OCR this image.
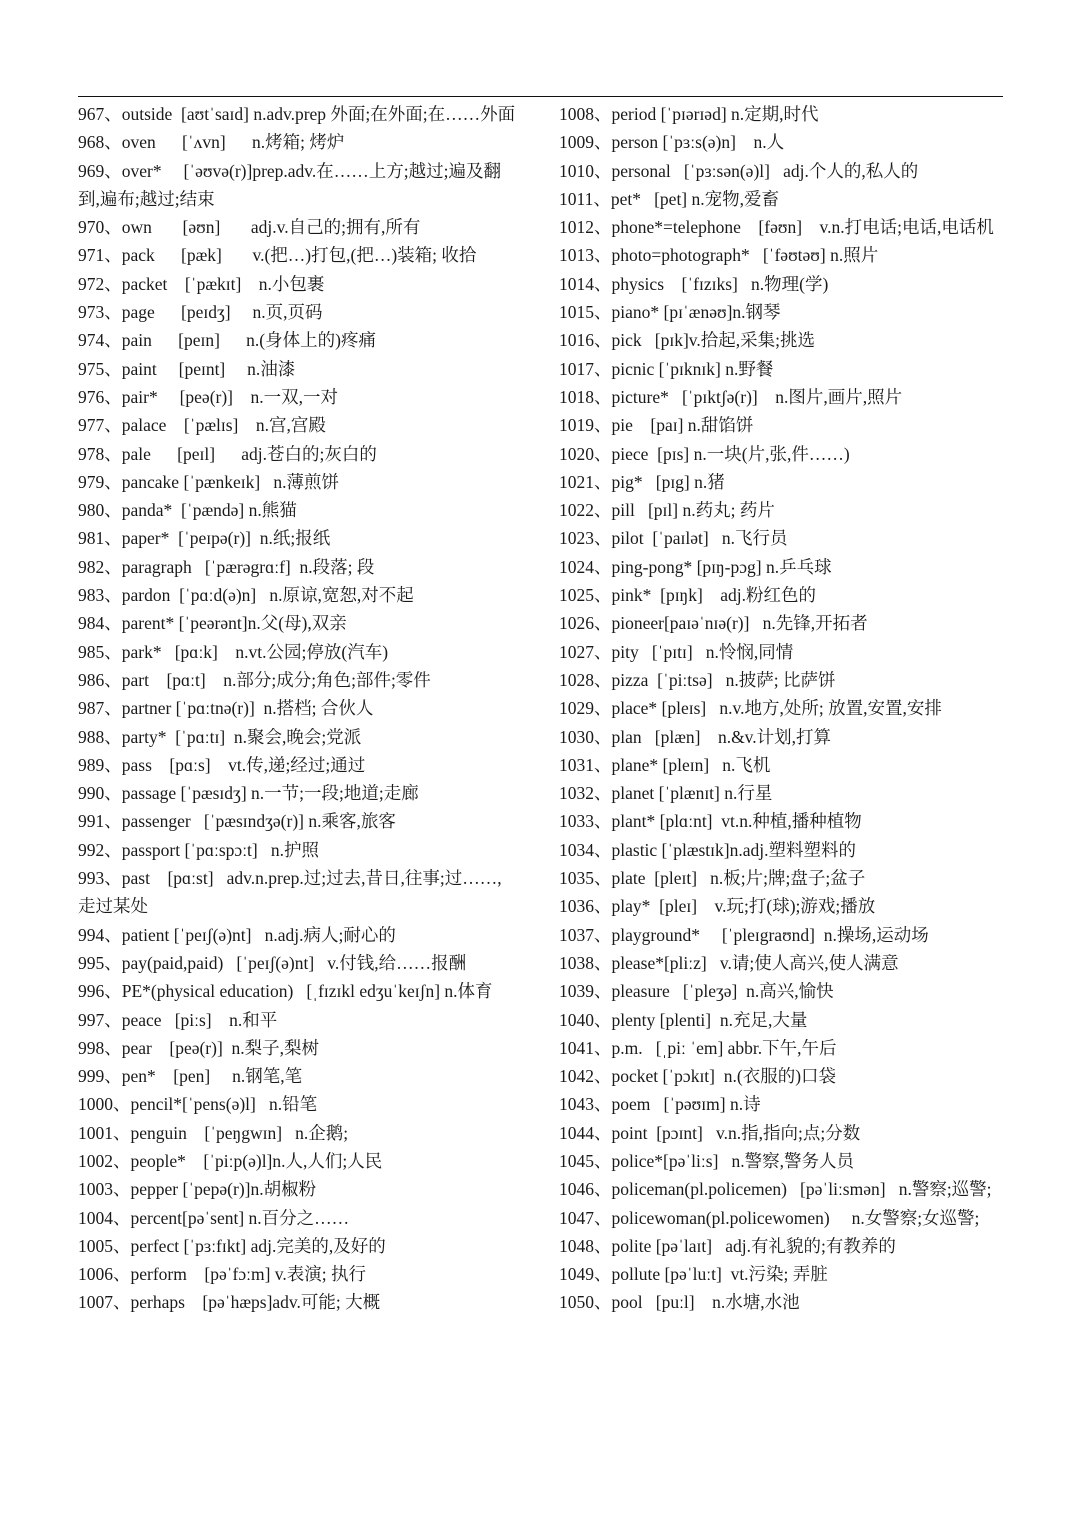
967、outside  [aʊtˈsaɪd] n.adv.prep 外面;在外面;在……外面
968、oven      [ˈʌvn]      n.烤箱; 烤炉
969、over*     [ˈəʊvə(r)]prep.adv.在……上方;越过;遍及翻到,遍布;越过;结束
970、own       [əʊn]       adj.v.自己的;拥有,所有
971、pack      [pæk]       v.(把…)打包,(把…)装箱; 收拾
972、packet    [ˈpækɪt]    n.小包裹
973、page      [peɪdʒ]     n.页,页码
974、pain      [peɪn]      n.(身体上的)疼痛
975、paint     [peɪnt]     n.油漆
976、pair*     [peə(r)]    n.一双,一对
977、palace    [ˈpælɪs]    n.宫,宫殿
978、pale      [peɪl]      adj.苍白的;灰白的
979、pancake [ˈpænkeɪk]   n.薄煎饼
980、panda*  [ˈpændə] n.熊猫
981、paper*  [ˈpeɪpə(r)]  n.纸;报纸
982、paragraph   [ˈpærəgrɑːf]  n.段落; 段
983、pardon  [ˈpɑːd(ə)n]   n.原谅,宽恕,对不起
984、parent* [ˈpeərənt]n.父(母),双亲
985、park*   [pɑːk]    n.vt.公园;停放(汽车)
986、part    [pɑːt]    n.部分;成分;角色;部件;零件
987、partner [ˈpɑːtnə(r)]  n.搭档; 合伙人
988、party*  [ˈpɑːtɪ]  n.聚会,晚会;党派
989、pass    [pɑːs]    vt.传,递;经过;通过
990、passage [ˈpæsɪdʒ] n.一节;一段;地道;走廊
991、passenger   [ˈpæsɪndʒə(r)] n.乘客,旅客
992、passport [ˈpɑːspɔːt]   n.护照
993、past    [pɑːst]   adv.n.prep.过;过去,昔日,往事;过……,走过某处
994、patient [ˈpeɪʃ(ə)nt]   n.adj.病人;耐心的
995、pay(paid,paid)   [ˈpeɪʃ(ə)nt]   v.付钱,给……报酬
996、PE*(physical education)   [ˌfɪzɪkl edʒuˈkeɪʃn] n.体育
997、peace   [piːs]    n.和平
998、pear    [peə(r)]  n.梨子,梨树
999、pen*    [pen]     n.钢笔,笔
1000、pencil*[ˈpens(ə)l]   n.铅笔
1001、penguin    [ˈpeŋgwɪn]   n.企鹅;
1002、people*    [ˈpiːp(ə)l]n.人,人们;人民
1003、pepper [ˈpepə(r)]n.胡椒粉
1004、percent[pəˈsent] n.百分之……
1005、perfect [ˈpɜːfɪkt] adj.完美的,及好的
1006、perform    [pəˈfɔːm] v.表演; 执行
1007、perhaps    [pəˈhæps]adv.可能; 大概
1008、period [ˈpɪərɪəd] n.定期,时代
1009、person [ˈpɜːs(ə)n]    n.人
1010、personal   [ˈpɜːsən(ə)l]   adj.个人的,私人的
1011、pet*   [pet] n.宠物,爱畜
1012、phone*=telephone    [fəʊn]    v.n.打电话;电话,电话机
1013、photo=photograph*   [ˈfəʊtəʊ] n.照片
1014、physics    [ˈfɪzɪks]   n.物理(学)
1015、piano* [pɪˈænəʊ]n.钢琴
1016、pick   [pɪk]v.拾起,采集;挑选
1017、picnic [ˈpɪknɪk] n.野餐
1018、picture*   [ˈpɪktʃə(r)]    n.图片,画片,照片
1019、pie    [paɪ] n.甜馅饼
1020、piece  [pɪs] n.一块(片,张,件……)
1021、pig*   [pɪg] n.猪
1022、pill   [pɪl] n.药丸; 药片
1023、pilot  [ˈpaɪlət]   n.飞行员
1024、ping-pong* [pɪŋ-pɔg] n.乒乓球
1025、pink*  [pɪŋk]    adj.粉红色的
1026、pioneer[paɪəˈnɪə(r)]   n.先锋,开拓者
1027、pity   [ˈpɪtɪ]   n.怜悯,同情
1028、pizza  [ˈpiːtsə]   n.披萨; 比萨饼
1029、place* [pleɪs]   n.v.地方,处所; 放置,安置,安排
1030、plan   [plæn]    n.&v.计划,打算
1031、plane* [pleɪn]   n.飞机
1032、planet [ˈplænɪt] n.行星
1033、plant* [plɑːnt]  vt.n.种植,播种植物
1034、plastic [ˈplæstɪk]n.adj.塑料塑料的
1035、plate  [pleɪt]   n.板;片;牌;盘子;盆子
1036、play*  [pleɪ]    v.玩;打(球);游戏;播放
1037、playground*     [ˈpleɪgraʊnd]  n.操场,运动场
1038、please*[pliːz]   v.请;使人高兴,使人满意
1039、pleasure   [ˈpleʒə]  n.高兴,愉快
1040、plenty [plenti]  n.充足,大量
1041、p.m.   [ˌpiː ˈem] abbr.下午,午后
1042、pocket [ˈpɔkɪt]  n.(衣服的)口袋
1043、poem   [ˈpəʊɪm] n.诗
1044、point  [pɔɪnt]   v.n.指,指向;点;分数
1045、police*[pəˈliːs]   n.警察,警务人员
1046、policeman(pl.policemen)   [pəˈliːsmən]   n.警察;巡警;
1047、policewoman(pl.policewomen)     n.女警察;女巡警;
1048、polite [pəˈlaɪt]   adj.有礼貌的;有教养的
1049、pollute [pəˈluːt]  vt.污染; 弄脏
1050、pool   [puːl]    n.水塘,水池
